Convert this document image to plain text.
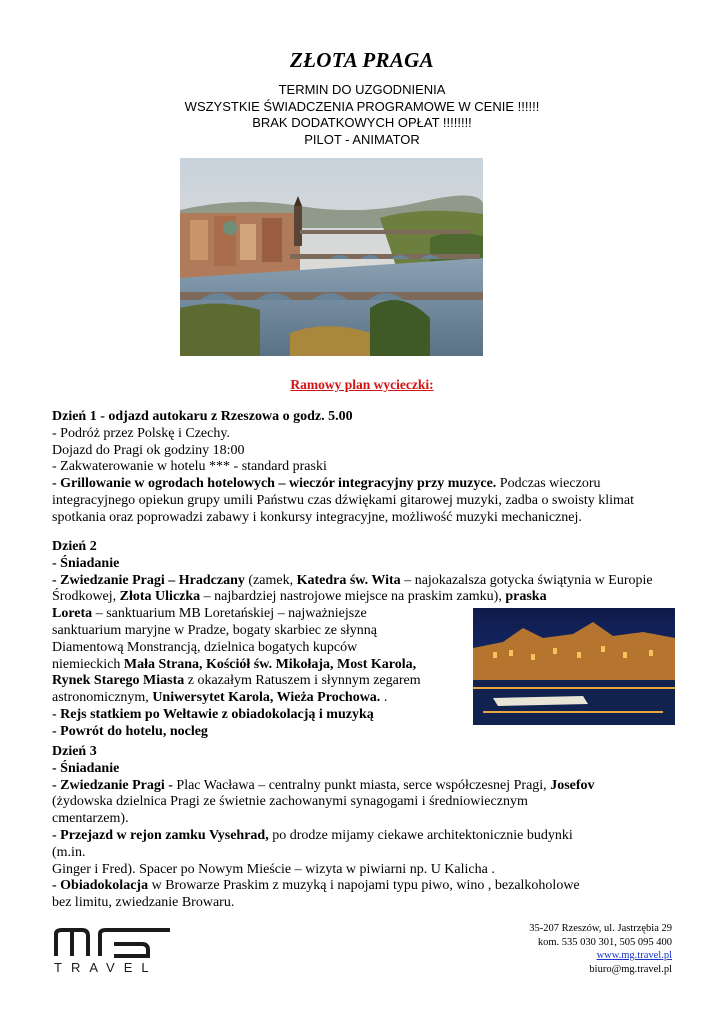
ZŁOTA PRAGA
TERMIN DO UZGODNIENIA
WSZYSTKIE ŚWIADCZENIA PROGRAMOWE W CENIE !!!!!!
BRAK DODATKOWYCH OPŁAT !!!!!!!!
PILOT - ANIMATOR
Ramowy plan wycieczki:

Dzień 1 - odjazd autokaru z Rzeszowa o godz. 5.00

- Podróż przez Polskę i Czechy.

Dojazd do Pragi ok godziny 18:00

- Zakwaterowanie w hotelu *** - standard praski

- Grillowanie w ogrodach hotelowych – wieczór integracyjny przy muzyce. Podczas wieczoru integracyjnego opiekun grupy umili Państwu czas dźwiękami gitarowej muzyki, zadba o swoisty klimat spotkania oraz poprowadzi zabawy i konkursy integracyjne, możliwość muzyki mechanicznej.

Dzień 2

- Śniadanie

- Zwiedzanie Pragi – Hradczany (zamek, Katedra św. Wita – najokazalsza gotycka świątynia w Europie Środkowej, Złota Uliczka – najbardziej nastrojowe miejsce na praskim zamku), praska

Loreta – sanktuarium MB Loretańskiej – najważniejsze

sanktuarium maryjne w Pradze, bogaty skarbiec ze słynną

Diamentową Monstrancją, dzielnica bogatych kupców

niemieckich Mała Strana, Kościół św. Mikołaja, Most Karola,

Rynek Starego Miasta z okazałym Ratuszem i słynnym zegarem

astronomicznym, Uniwersytet Karola, Wieża Prochowa. .

- Rejs statkiem po Wełtawie z obiadokolacją i muzyką

- Powrót do hotelu, nocleg

Dzień 3

- Śniadanie

- Zwiedzanie Pragi - Plac Wacława – centralny punkt miasta, serce współczesnej Pragi, Josefov

(żydowska dzielnica Pragi ze świetnie zachowanymi synagogami i średniowiecznym

cmentarzem).

- Przejazd w rejon zamku Vysehrad, po drodze mijamy ciekawe architektonicznie budynki

(m.in.

Ginger i Fred). Spacer po Nowym Mieście – wizyta w piwiarni np. U Kalicha .

- Obiadokolacja w Browarze Praskim z muzyką i napojami typu piwo, wino , bezalkoholowe

bez limitu, zwiedzanie Browaru.

TRAVEL
35-207 Rzeszów, ul. Jastrzębia 29
kom. 535 030 301, 505 095 400
www.mg.travel.pl
biuro@mg.travel.pl
